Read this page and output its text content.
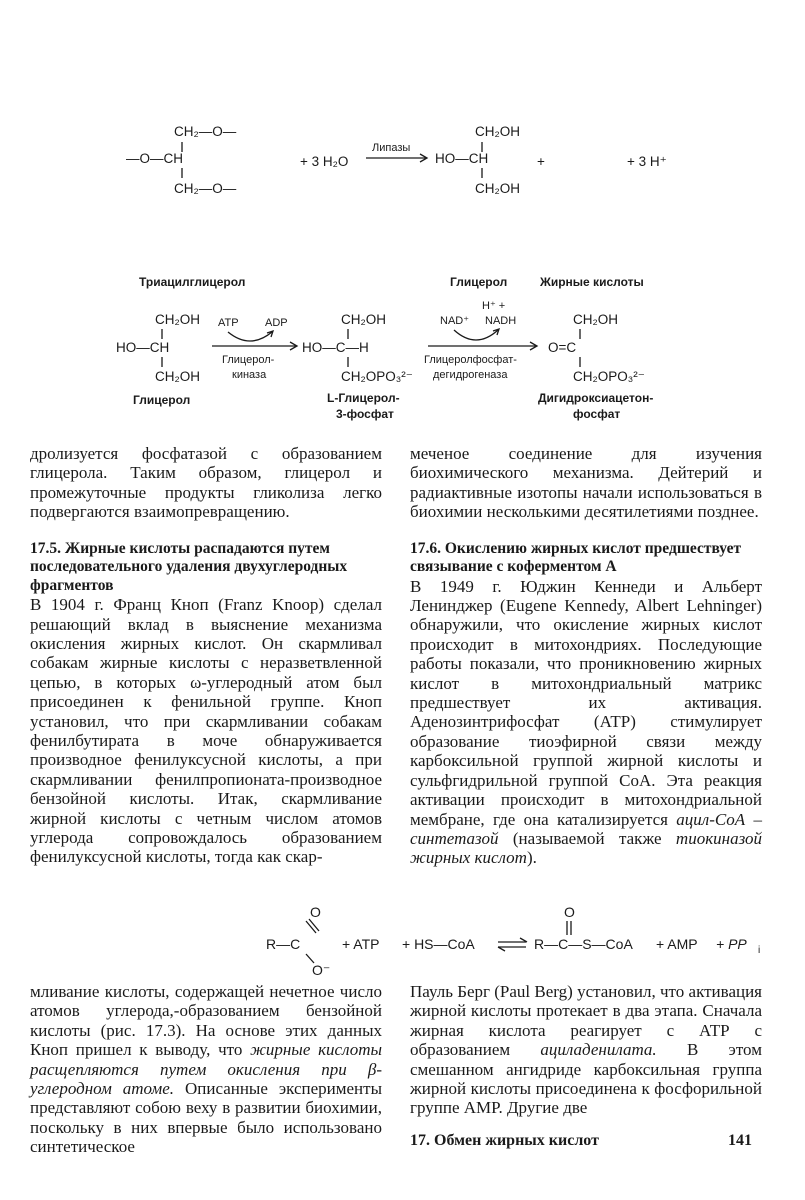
CH₂—O—
—O—CH
CH₂—O—
+ 3 H₂O
Липазы
CH₂OH
HO—CH
CH₂OH
+	+ 3 H⁺
Триацилглицерол	Глицерол	Жирные кислоты
CH₂OH
HO—CH
CH₂OH
Глицерол
ATP ADP
Глицерол-
киназа
CH₂OH
HO—C—H
CH₂OPO₃²⁻
L-Глицерол-
3-фосфат
H⁺ +
NAD⁺ NADH
Глицеролфосфат-
дегидрогеназа
CH₂OH
O=C
CH₂OPO₃²⁻
Дигидроксиацетон-
фосфат

дролизуется фосфатазой с образованием глицерола. Таким образом, глицерол и промежуточные продукты гликолиза легко подвергаются взаимопревращению.

17.5. Жирные кислоты распадаются путем последовательного удаления двухуглеродных фрагментов

В 1904 г. Франц Кноп (Franz Knoop) сделал решающий вклад в выяснение механизма окисления жирных кислот. Он скармливал собакам жирные кислоты с неразветвленной цепью, в которых ω-углеродный атом был присоединен к фенильной группе. Кноп установил, что при скармливании собакам фенилбутирата в моче обнаруживается производное фенилуксусной кислоты, а при скармливании фенилпропионата‑производное бензойной кислоты. Итак, скармливание жирной кислоты с четным числом атомов углерода сопровождалось образованием фенилуксусной кислоты, тогда как скар-

меченое соединение для изучения биохимического механизма. Дейтерий и радиактивные изотопы начали использоваться в биохимии несколькими десятилетиями позднее.

17.6. Окислению жирных кислот предшествует связывание с коферментом А

В 1949 г. Юджин Кеннеди и Альберт Ленинджер (Eugene Kennedy, Albert Lehninger) обнаружили, что окисление жирных кислот происходит в митохондриях. Последующие работы показали, что проникновению жирных кислот в митохондриальный матрикс предшествует их активация. Аденозинтрифосфат (АТР) стимулирует образование тиоэфирной связи между карбоксильной группой жирной кислоты и сульфгидрильной группой CoA. Эта реакция активации происходит в митохондриальной мембране, где она катализируется ацил-СоА – синтетазой (называемой также тиокиназой жирных кислот).

O
R—C
O⁻
+ ATP + HS—CoA
O
R—C—S—CoA + AMP + PP i

мливание кислоты, содержащей нечетное число атомов углерода,‑образованием бензойной кислоты (рис. 17.3). На основе этих данных Кноп пришел к выводу, что жирные кислоты расщепляются путем окисления при β-углеродном атоме. Описанные эксперименты представляют собою веху в развитии биохимии, поскольку в них впервые было использовано синтетическое

Пауль Берг (Paul Berg) установил, что активация жирной кислоты протекает в два этапа. Сначала жирная кислота реагирует с АТР с образованием ациладенилата. В этом смешанном ангидриде карбоксильная группа жирной кислоты присоединена к фосфорильной группе АМР. Другие две

17. Обмен жирных кислот	141
